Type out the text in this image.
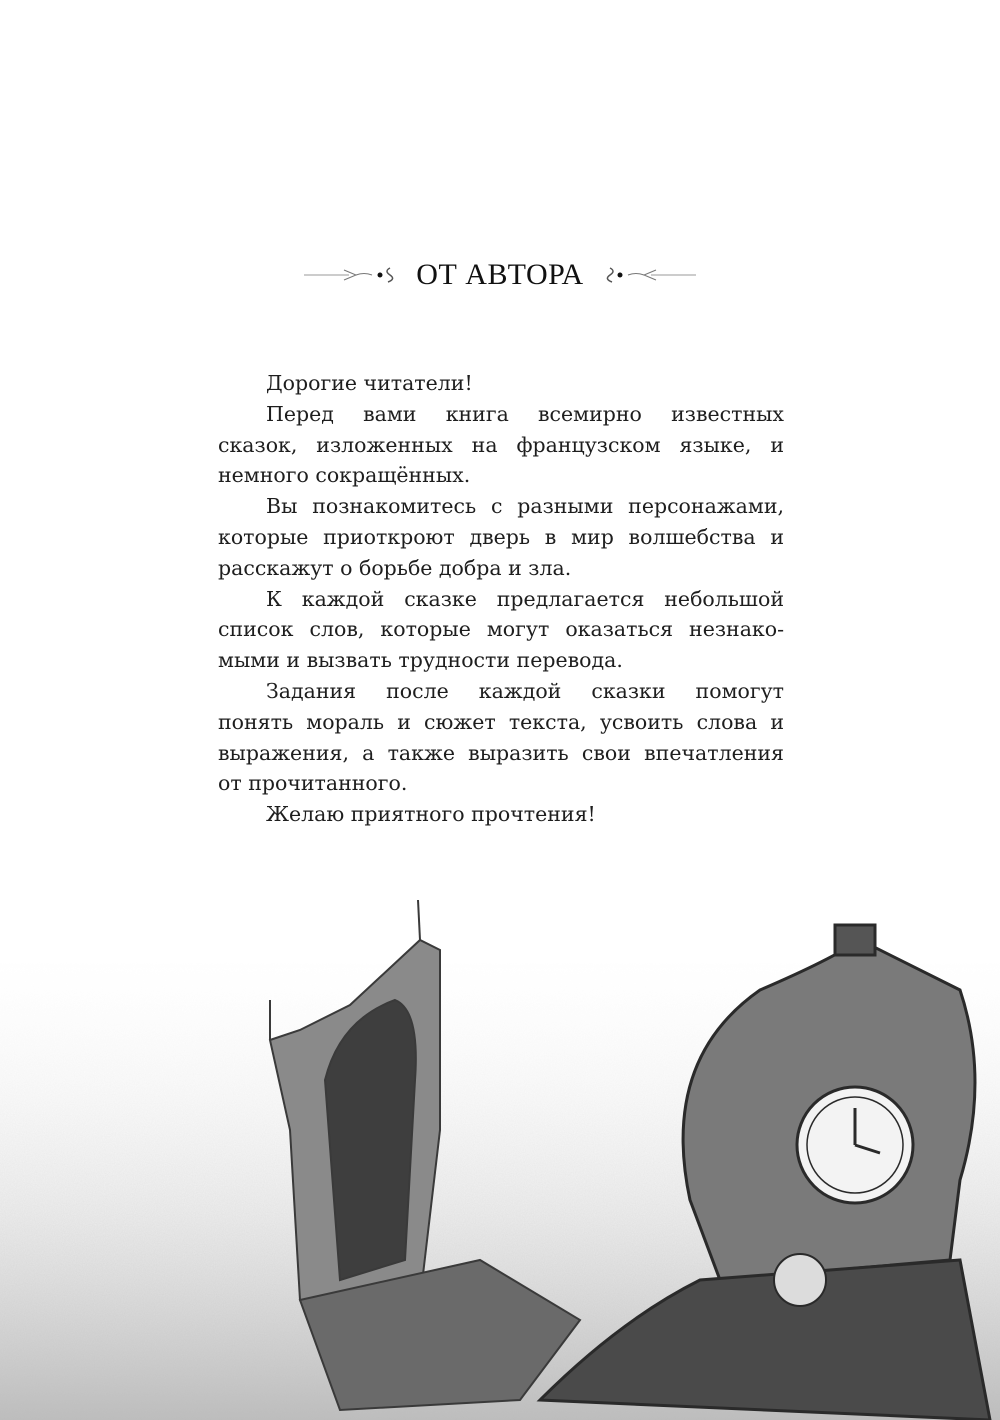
ОТ АВТОРА
Дорогие читатели!
Перед вами книга всемирно известных
сказок, изложенных на французском языке, и
немного сокращённых.
Вы познакомитесь с разными персонажами,
которые приоткроют дверь в мир волшебства и
расскажут о борьбе добра и зла.
К каждой сказке предлагается небольшой
список слов, которые могут оказаться незнако-
мыми и вызвать трудности перевода.
Задания после каждой сказки помогут
понять мораль и сюжет текста, усвоить слова и
выражения, а также выразить свои впечатления
от прочитанного.
Желаю приятного прочтения!
